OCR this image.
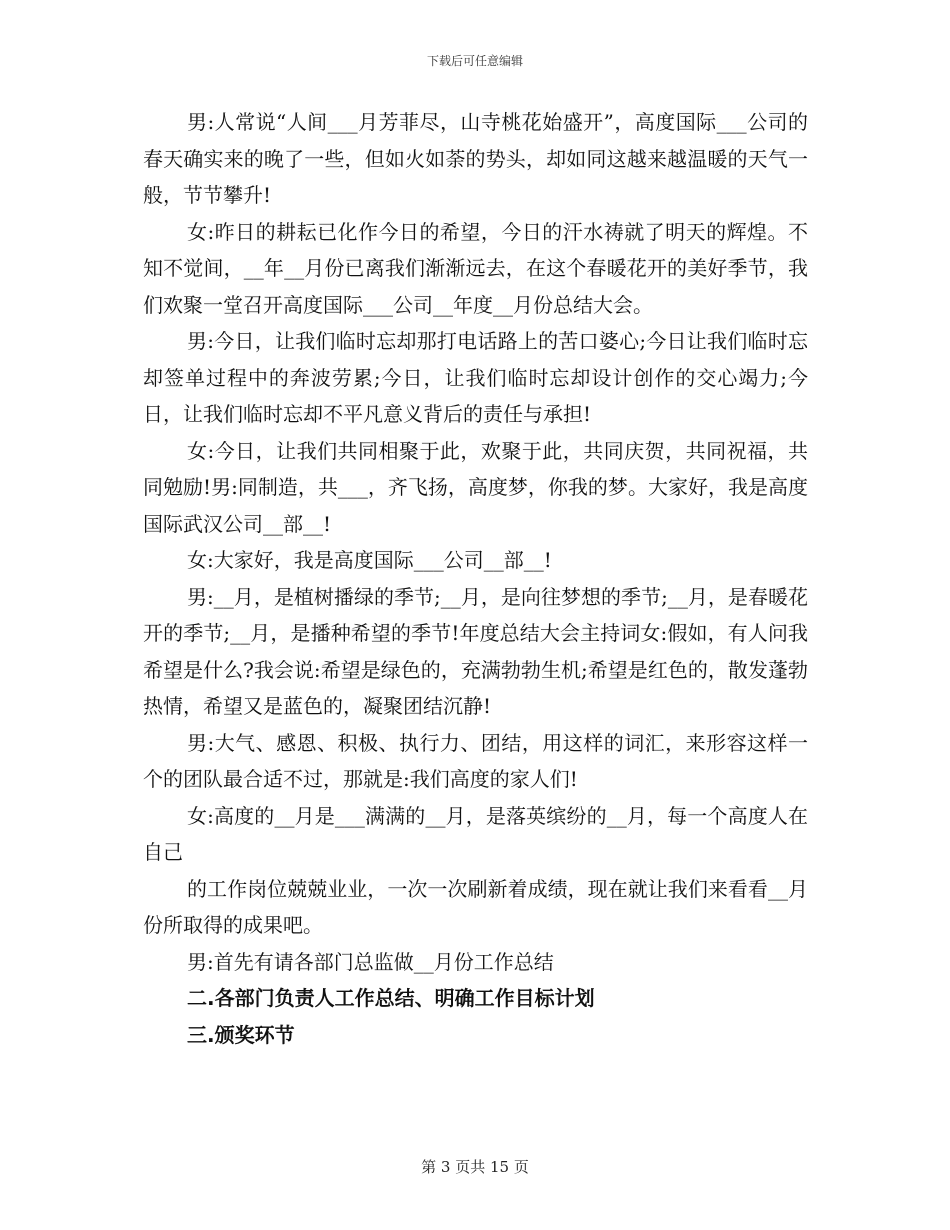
下载后可任意编辑

男:人常说“人间___月芳菲尽，山寺桃花始盛开”，高度国际___公司的春天确实来的晚了一些，但如火如荼的势头，却如同这越来越温暖的天气一般，节节攀升!

女:昨日的耕耘已化作今日的希望，今日的汗水祷就了明天的辉煌。不知不觉间，__年__月份已离我们渐渐远去，在这个春暖花开的美好季节，我们欢聚一堂召开高度国际___公司__年度__月份总结大会。

男:今日，让我们临时忘却那打电话路上的苦口婆心;今日让我们临时忘却签单过程中的奔波劳累;今日，让我们临时忘却设计创作的交心竭力;今日，让我们临时忘却不平凡意义背后的责任与承担!

女:今日，让我们共同相聚于此，欢聚于此，共同庆贺，共同祝福，共同勉励!男:同制造，共___，齐飞扬，高度梦，你我的梦。大家好，我是高度国际武汉公司__部__!

女:大家好，我是高度国际___公司__部__!

男:__月，是植树播绿的季节;__月，是向往梦想的季节;__月，是春暖花开的季节;__月，是播种希望的季节!年度总结大会主持词女:假如，有人问我希望是什么?我会说:希望是绿色的，充满勃勃生机;希望是红色的，散发蓬勃热情，希望又是蓝色的，凝聚团结沉静!

男:大气、感恩、积极、执行力、团结，用这样的词汇，来形容这样一个的团队最合适不过，那就是:我们高度的家人们!

女:高度的__月是___满满的__月，是落英缤纷的__月，每一个高度人在自己

的工作岗位兢兢业业，一次一次刷新着成绩，现在就让我们来看看__月份所取得的成果吧。

男:首先有请各部门总监做__月份工作总结

二.各部门负责人工作总结、明确工作目标计划

三.颁奖环节

第 3 页共 15 页
